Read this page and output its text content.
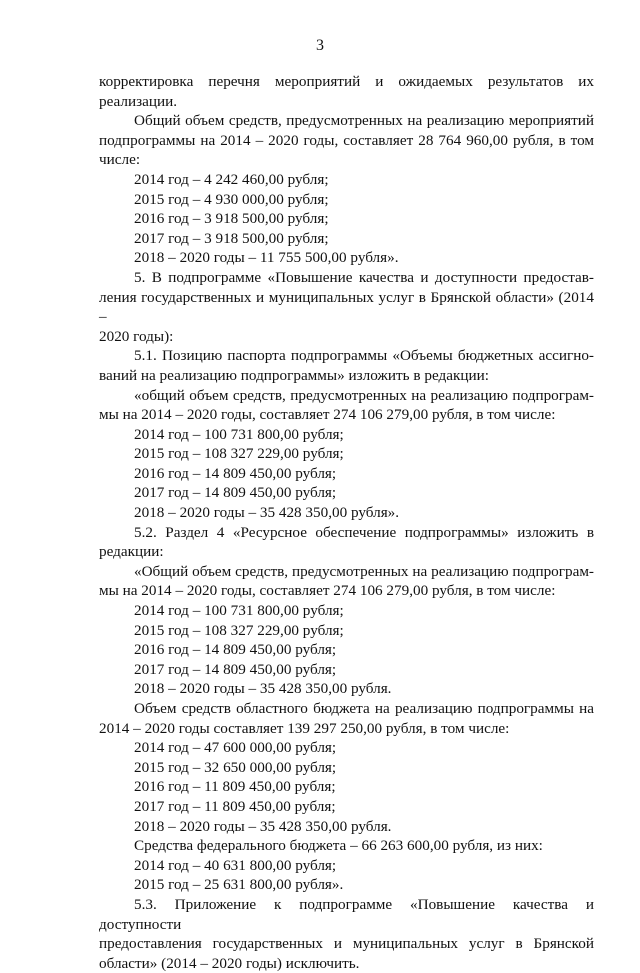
3

корректировка перечня мероприятий и ожидаемых результатов их

реализации.

Общий объем средств, предусмотренных на реализацию мероприятий

подпрограммы на 2014 – 2020 годы, составляет 28 764 960,00 рубля, в том

числе:

2014 год – 4 242 460,00 рубля;

2015 год – 4 930 000,00 рубля;

2016 год – 3 918 500,00 рубля;

2017 год – 3 918 500,00 рубля;

2018 – 2020 годы – 11 755 500,00 рубля».

5. В подпрограмме «Повышение качества и доступности предостав-

ления государственных и муниципальных услуг в Брянской области» (2014 –

2020 годы):

5.1. Позицию паспорта подпрограммы «Объемы бюджетных ассигно-

ваний на реализацию подпрограммы» изложить в редакции:

«общий объем средств, предусмотренных на реализацию подпрограм-

мы на 2014 – 2020 годы, составляет 274 106 279,00 рубля, в том числе:

2014 год – 100 731 800,00 рубля;

2015 год – 108 327 229,00 рубля;

2016 год – 14 809 450,00 рубля;

2017 год – 14 809 450,00 рубля;

2018 – 2020 годы – 35 428 350,00 рубля».

5.2. Раздел 4 «Ресурсное обеспечение подпрограммы» изложить в

редакции:

«Общий объем средств, предусмотренных на реализацию подпрограм-

мы на 2014 – 2020 годы, составляет 274 106 279,00 рубля, в том числе:

2014 год – 100 731 800,00 рубля;

2015 год – 108 327 229,00 рубля;

2016 год – 14 809 450,00 рубля;

2017 год – 14 809 450,00 рубля;

2018 – 2020 годы – 35 428 350,00 рубля.

Объем средств областного бюджета на реализацию подпрограммы на

2014 – 2020 годы составляет 139 297 250,00 рубля, в том числе:

2014 год – 47 600 000,00 рубля;

2015 год – 32 650 000,00 рубля;

2016 год – 11 809 450,00 рубля;

2017 год – 11 809 450,00 рубля;

2018 – 2020 годы – 35 428 350,00 рубля.

Средства федерального бюджета – 66 263 600,00 рубля, из них:

2014 год – 40 631 800,00 рубля;

2015 год – 25 631 800,00 рубля».

5.3. Приложение к подпрограмме «Повышение качества и доступности

предоставления государственных и муниципальных услуг в Брянской

области» (2014 – 2020 годы) исключить.
